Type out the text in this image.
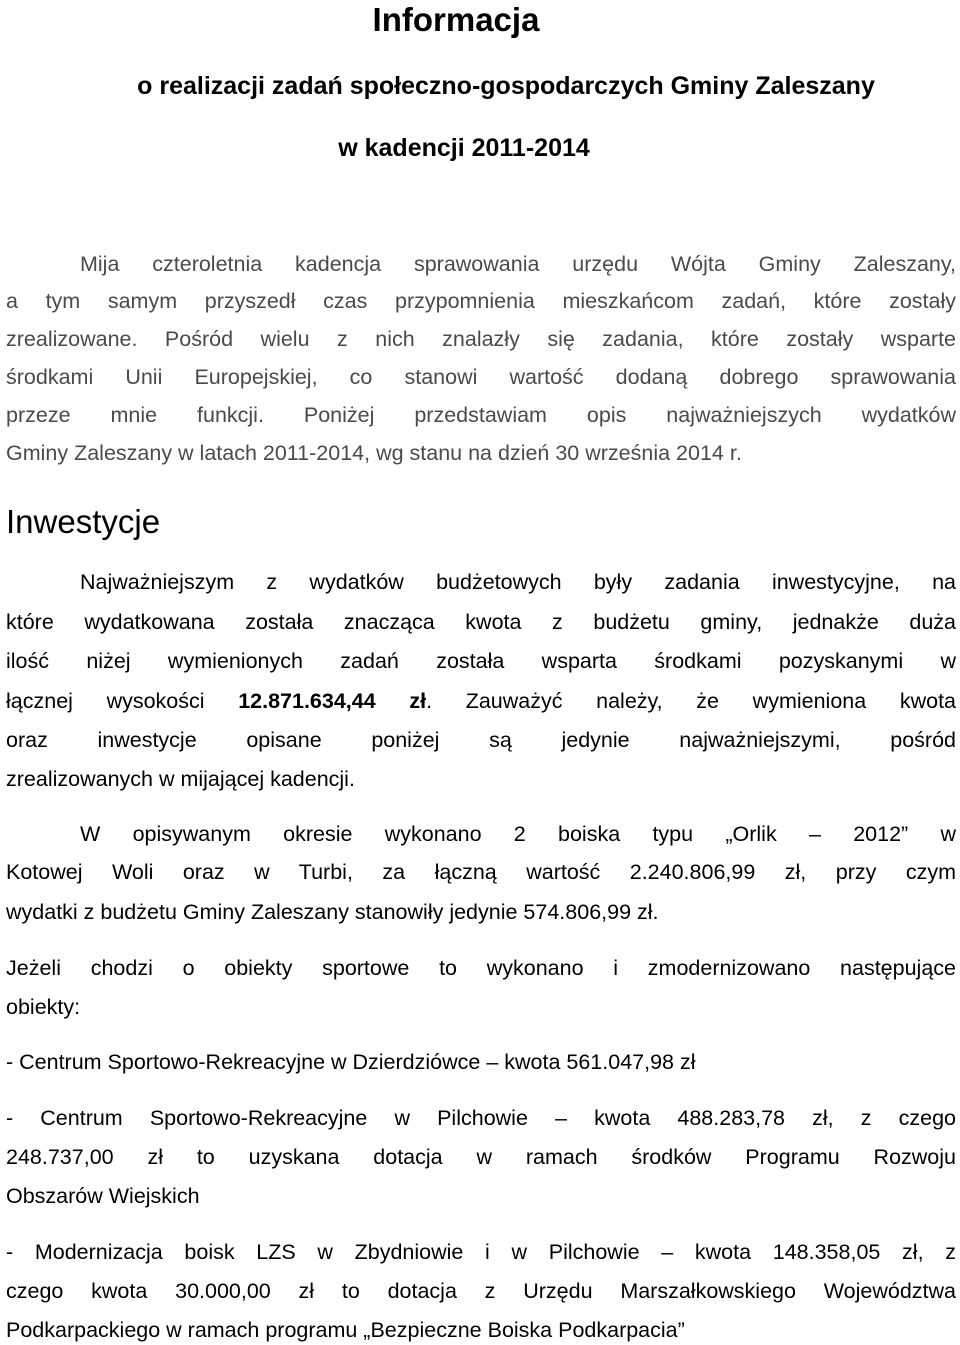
Informacja
o realizacji zadań społeczno-gospodarczych Gminy Zaleszany
w kadencji 2011-2014
Mija czteroletnia kadencja sprawowania urzędu Wójta Gminy Zaleszany,
a tym samym przyszedł czas przypomnienia mieszkańcom zadań, które zostały
zrealizowane. Pośród wielu z nich znalazły się zadania, które zostały wsparte
środkami Unii Europejskiej, co stanowi wartość dodaną dobrego sprawowania
przeze mnie funkcji. Poniżej przedstawiam opis najważniejszych wydatków
Gminy Zaleszany w latach 2011-2014, wg stanu na dzień 30 września 2014 r.
Inwestycje
Najważniejszym z wydatków budżetowych były zadania inwestycyjne, na
które wydatkowana została znacząca kwota z budżetu gminy, jednakże duża
ilość niżej wymienionych zadań została wsparta środkami pozyskanymi w
łącznej wysokości 12.871.634,44 zł. Zauważyć należy, że wymieniona kwota
oraz inwestycje opisane poniżej są jedynie najważniejszymi, pośród
zrealizowanych w mijającej kadencji.
W opisywanym okresie wykonano 2 boiska typu „Orlik – 2012” w
Kotowej Woli oraz w Turbi, za łączną wartość 2.240.806,99 zł, przy czym
wydatki z budżetu Gminy Zaleszany stanowiły jedynie 574.806,99 zł.
Jeżeli chodzi o obiekty sportowe to wykonano i zmodernizowano następujące
obiekty:
- Centrum Sportowo-Rekreacyjne w Dzierdziówce – kwota 561.047,98 zł
- Centrum Sportowo-Rekreacyjne w Pilchowie – kwota 488.283,78 zł, z czego
248.737,00 zł to uzyskana dotacja w ramach środków Programu Rozwoju
Obszarów Wiejskich
- Modernizacja boisk LZS w Zbydniowie i w Pilchowie – kwota 148.358,05 zł, z
czego kwota 30.000,00 zł to dotacja z Urzędu Marszałkowskiego Województwa
Podkarpackiego w ramach programu „Bezpieczne Boiska Podkarpacia”
